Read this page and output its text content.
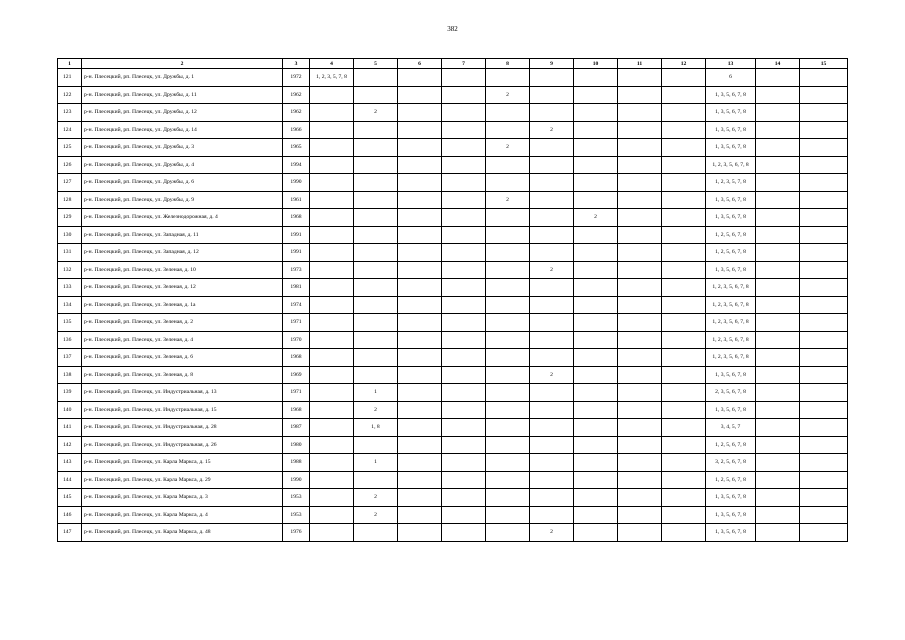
382
1	2	3	4	5	6	7	8	9	10	11	12	13	14	15
121	р-н. Плесецкий, рп. Плесецк, ул. Дружбы, д. 1	1972	1, 2, 3, 5, 7, 8									6		
122	р-н. Плесецкий, рп. Плесецк, ул. Дружбы, д. 11	1962					2					1, 3, 5, 6, 7, 8		
123	р-н. Плесецкий, рп. Плесецк, ул. Дружбы, д. 12	1962		2								1, 3, 5, 6, 7, 8		
124	р-н. Плесецкий, рп. Плесецк, ул. Дружбы, д. 14	1966						2				1, 3, 5, 6, 7, 8		
125	р-н. Плесецкий, рп. Плесецк, ул. Дружбы, д. 3	1965					2					1, 3, 5, 6, 7, 8		
126	р-н. Плесецкий, рп. Плесецк, ул. Дружбы, д. 4	1994										1, 2, 3, 5, 6, 7, 8		
127	р-н. Плесецкий, рп. Плесецк, ул. Дружбы, д. 6	1990										1, 2, 3, 5, 7, 8		
128	р-н. Плесецкий, рп. Плесецк, ул. Дружбы, д. 9	1961					2					1, 3, 5, 6, 7, 8		
129	р-н. Плесецкий, рп. Плесецк, ул. Железнодорожная, д. 4	1968							2			1, 3, 5, 6, 7, 8		
130	р-н. Плесецкий, рп. Плесецк, ул. Западная, д. 11	1991										1, 2, 5, 6, 7, 8		
131	р-н. Плесецкий, рп. Плесецк, ул. Западная, д. 12	1991										1, 2, 5, 6, 7, 8		
132	р-н. Плесецкий, рп. Плесецк, ул. Зеленая, д. 10	1973						2				1, 3, 5, 6, 7, 8		
133	р-н. Плесецкий, рп. Плесецк, ул. Зеленая, д. 12	1981										1, 2, 3, 5, 6, 7, 8		
134	р-н. Плесецкий, рп. Плесецк, ул. Зеленая, д. 1а	1974										1, 2, 3, 5, 6, 7, 8		
135	р-н. Плесецкий, рп. Плесецк, ул. Зеленая, д. 2	1971										1, 2, 3, 5, 6, 7, 8		
136	р-н. Плесецкий, рп. Плесецк, ул. Зеленая, д. 4	1970										1, 2, 3, 5, 6, 7, 8		
137	р-н. Плесецкий, рп. Плесецк, ул. Зеленая, д. 6	1968										1, 2, 3, 5, 6, 7, 8		
138	р-н. Плесецкий, рп. Плесецк, ул. Зеленая, д. 8	1969						2				1, 3, 5, 6, 7, 8		
139	р-н. Плесецкий, рп. Плесецк, ул. Индустриальная, д. 13	1971		1								2, 3, 5, 6, 7, 8		
140	р-н. Плесецкий, рп. Плесецк, ул. Индустриальная, д. 15	1968		2								1, 3, 5, 6, 7, 8		
141	р-н. Плесецкий, рп. Плесецк, ул. Индустриальная, д. 28	1987		1, 8								3, 4, 5, 7		
142	р-н. Плесецкий, рп. Плесецк, ул. Индустриальная, д. 26	1980										1, 2, 5, 6, 7, 8		
143	р-н. Плесецкий, рп. Плесецк, ул. Карла Маркса, д. 15	1988		1								3, 2, 5, 6, 7, 8		
144	р-н. Плесецкий, рп. Плесецк, ул. Карла Маркса, д. 29	1990										1, 2, 5, 6, 7, 8		
145	р-н. Плесецкий, рп. Плесецк, ул. Карла Маркса, д. 3	1953		2								1, 3, 5, 6, 7, 8		
146	р-н. Плесецкий, рп. Плесецк, ул. Карла Маркса, д. 4	1953		2								1, 3, 5, 6, 7, 8		
147	р-н. Плесецкий, рп. Плесецк, ул. Карла Маркса, д. 48	1976						2				1, 3, 5, 6, 7, 8		
